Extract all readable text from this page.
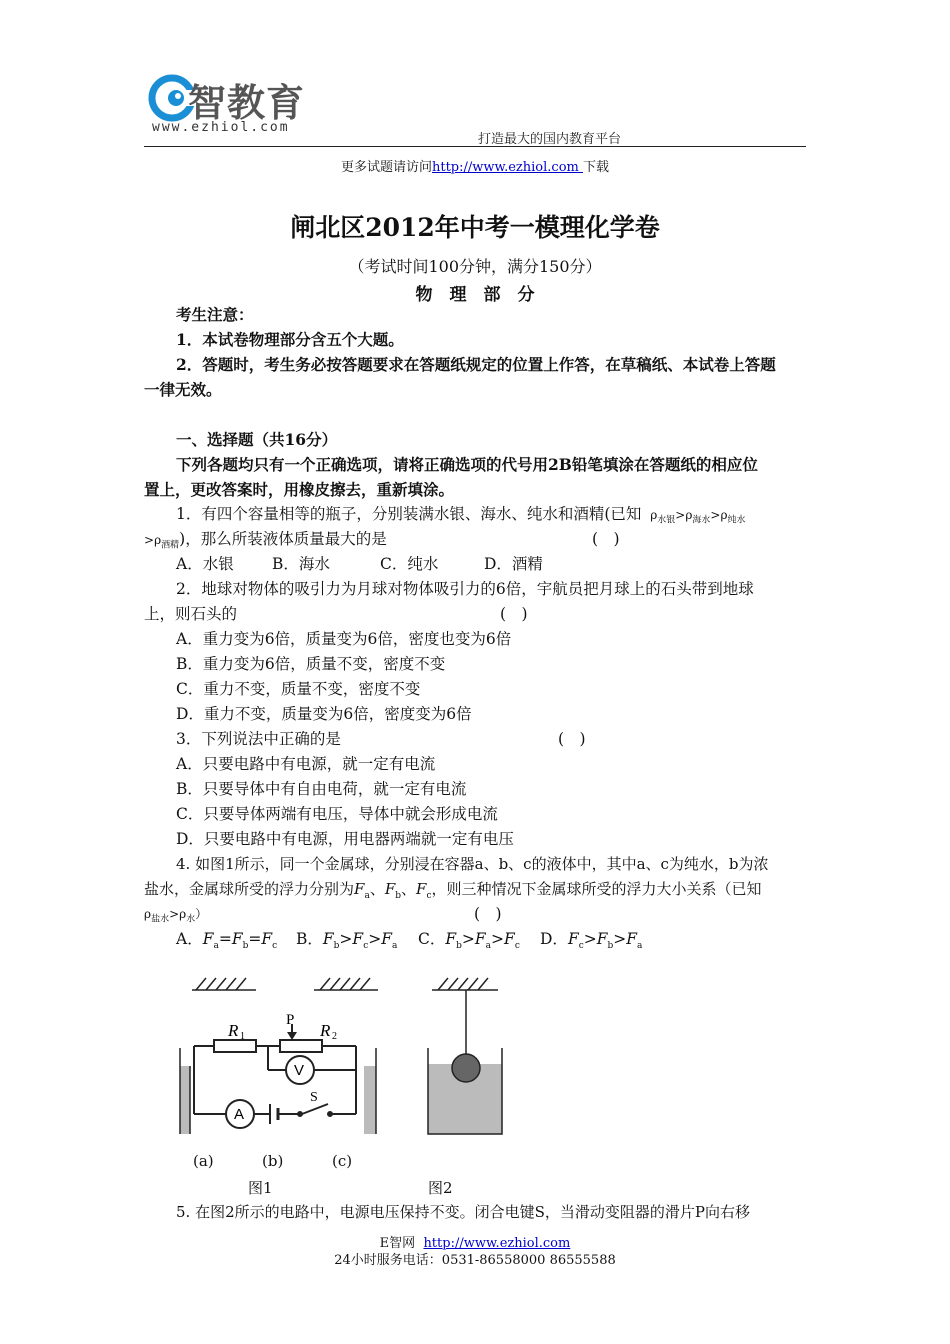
智教育
www.ezhiol.com
打造最大的国内教育平台
更多试题请访问http://www.ezhiol.com 下载
闸北区2012年中考一模理化学卷
（考试时间100分钟，满分150分）
物　理　部　分
考生注意：
1．本试卷物理部分含五个大题。
2．答题时，考生务必按答题要求在答题纸规定的位置上作答，在草稿纸、本试卷上答题
一律无效。
一、选择题（共16分）
下列各题均只有一个正确选项，请将正确选项的代号用2B铅笔填涂在答题纸的相应位
置上，更改答案时，用橡皮擦去，重新填涂。
1．有四个容量相等的瓶子，分别装满水银、海水、纯水和酒精(已知 $\rho_{水银}>\rho_{海水}>\rho_{纯水}$
$>\rho_{酒精}$)，那么所装液体质量最大的是	(　)
A．水银 B．海水	C．纯水	D．酒精
2．地球对物体的吸引力为月球对物体吸引力的6倍，宇航员把月球上的石头带到地球
上，则石头的	(　)
A．重力变为6倍，质量变为6倍，密度也变为6倍
B．重力变为6倍，质量不变，密度不变
C．重力不变，质量不变，密度不变
D．重力不变，质量变为6倍，密度变为6倍
3．下列说法中正确的是	(　)
A．只要电路中有电源，就一定有电流
B．只要导体中有自由电荷，就一定有电流
C．只要导体两端有电压，导体中就会形成电流
D．只要电路中有电源，用电器两端就一定有电压
4. 如图1所示，同一个金属球，分别浸在容器a、b、c的液体中，其中a、c为纯水，b为浓
盐水，金属球所受的浮力分别为$F_a$、$F_b$、$F_c$，则三种情况下金属球所受的浮力大小关系（已知
$\rho_{盐水}>\rho_水$）	(　)
A．$F_a=F_b=F_c$ B．$F_b>F_c>F_a$ C．$F_b>F_a>F_c$ D．$F_c>F_b>F_a$
R 1
P
R 2
V
A
S
(a)	(b)	(c)
图1	图2
5. 在图2所示的电路中，电源电压保持不变。闭合电键S，当滑动变阻器的滑片P向右移
E智网 http://www.ezhiol.com
24小时服务电话：0531-86558000 86555588
